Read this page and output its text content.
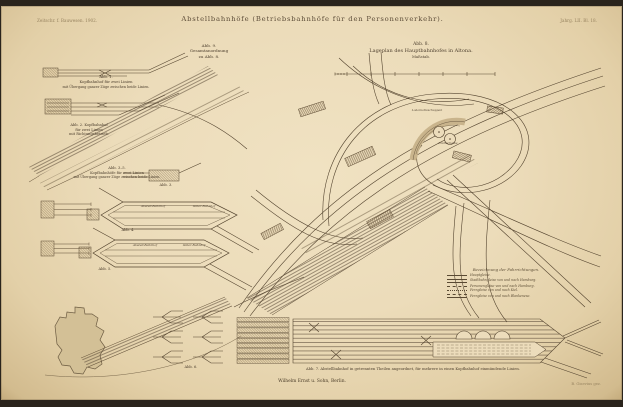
Zeitschr. f. Bauwesen. 1902.	Abstellbahnhöfe (Betriebsbahnhöfe für den Personenverkehr).	Jahrg. LII. Bl. 18.
Abb. 8.
Lageplan des Hauptbahnhofes in Altona.
Maßstab.
Abb. 9.
Gesamtanordnung
zu Abb. 8.
Abb. 1.
Kopfbahnhof für zwei Linien
mit Übergang ganzer Züge zwischen beide Linien.
Abb. 2. Kopfbahnhof
für zwei Linien
mit Richtungsbetrieb.
Abb. 3–5.
Kopfbahnhöfe für zwei Linien
mit Übergang ganzer Züge zwischen beide Linien.
Abb. 3.
Abstell-Bahnhof	Güter-Bahnhof
Abb. 4.
Abstell-Bahnhof	Güter-Bahnhof
Abb. 5.
Lokomotivschuppen
Drehscheibe
Bezeichnung der Fahrrichtungen.
Hauptgleise.
Stadtbahngleise von und nach Hamburg.
Personengleise von und nach Hamburg.
Ferngleise von und nach Kiel.
Ferngleise von und nach Blankenese.
Abb. 6.	Abb. 7. Abstellbahnhof in getrennten Theilen angeordnet, für mehrere in einen Kopfbahnhof einmündende Linien.
Wilhelm Ernst u. Sohn, Berlin.	B. Gisevius gez.
